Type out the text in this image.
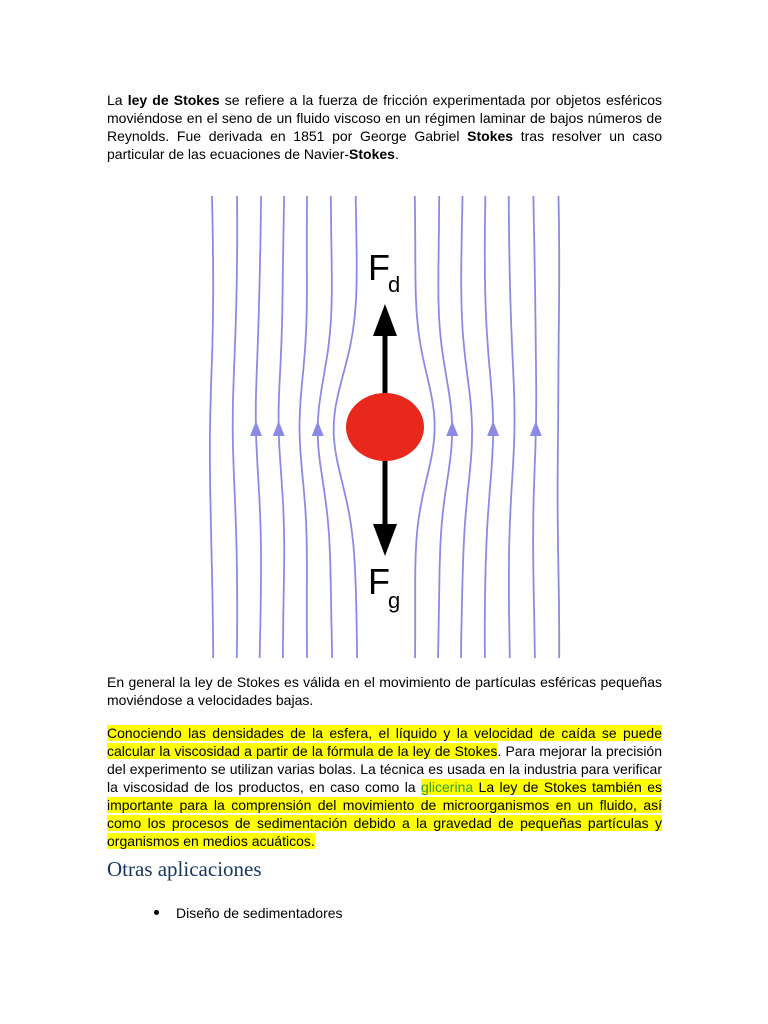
La ley de Stokes se refiere a la fuerza de fricción experimentada por objetos esféricos moviéndose en el seno de un fluido viscoso en un régimen laminar de bajos números de Reynolds. Fue derivada en 1851 por George Gabriel Stokes tras resolver un caso particular de las ecuaciones de Navier-Stokes.
F
d
F
g
En general la ley de Stokes es válida en el movimiento de partículas esféricas pequeñas moviéndose a velocidades bajas.
Conociendo las densidades de la esfera, el líquido y la velocidad de caída se puede calcular la viscosidad a partir de la fórmula de la ley de Stokes. Para mejorar la precisión del experimento se utilizan varias bolas. La técnica es usada en la industria para verificar la viscosidad de los productos, en caso como la glicerina La ley de Stokes también es importante para la comprensión del movimiento de microorganismos en un fluido, así como los procesos de sedimentación debido a la gravedad de pequeñas partículas y organismos en medios acuáticos.
Otras aplicaciones
Diseño de sedimentadores
